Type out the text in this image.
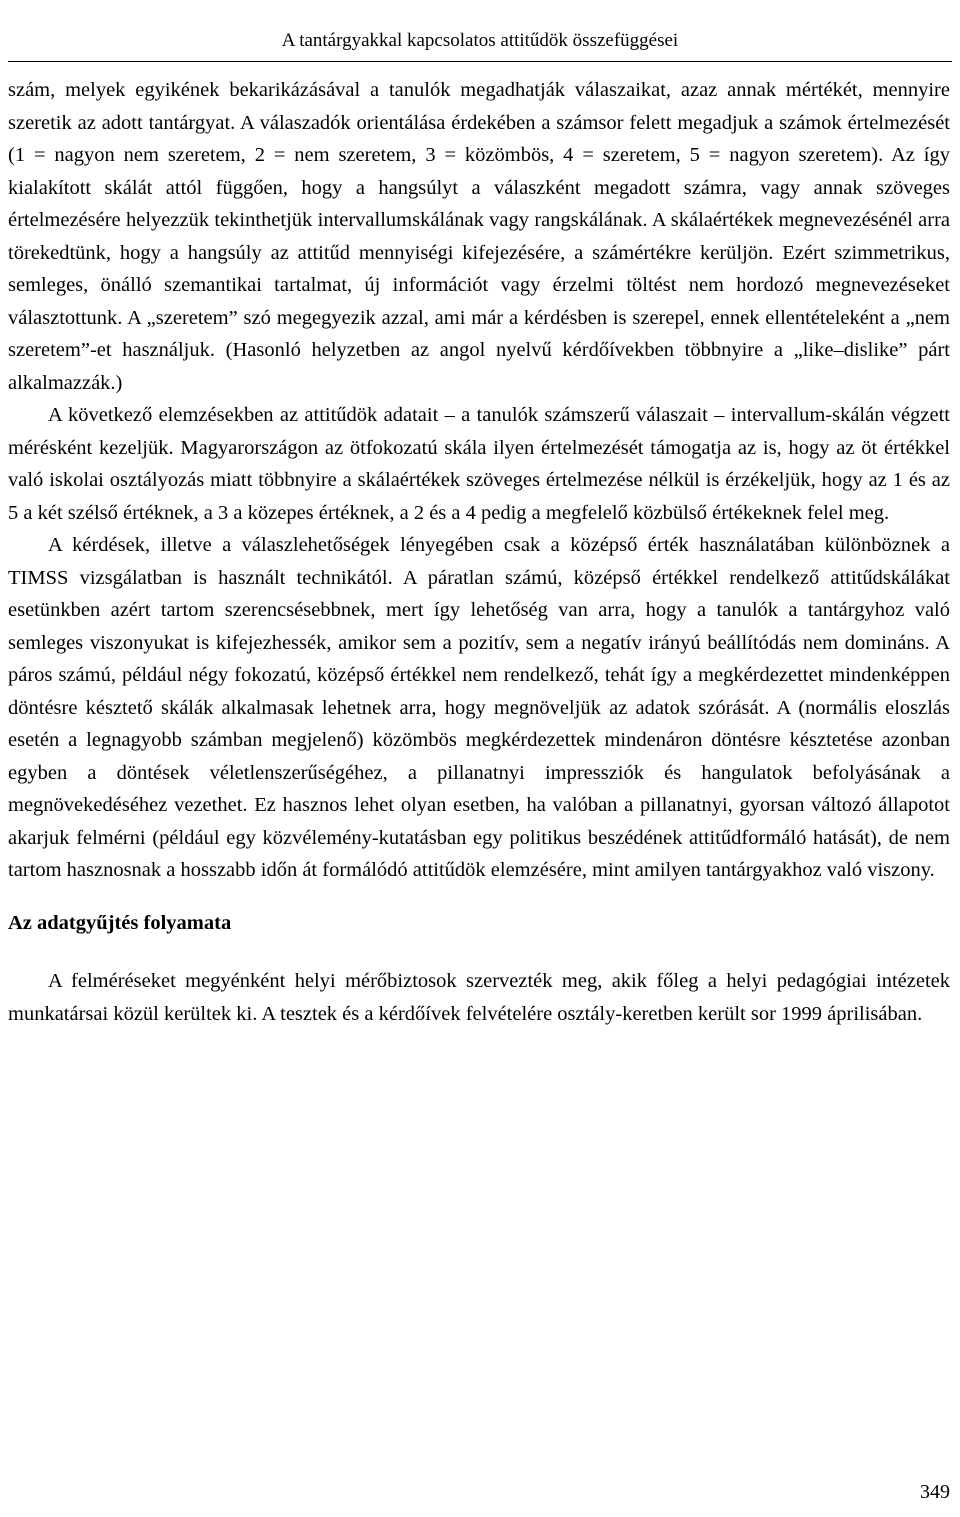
A tantárgyakkal kapcsolatos attitűdök összefüggései

szám, melyek egyikének bekarikázásával a tanulók megadhatják válaszaikat, azaz annak mértékét, mennyire szeretik az adott tantárgyat. A válaszadók orientálása érdekében a számsor felett megadjuk a számok értelmezését (1 = nagyon nem szeretem, 2 = nem szeretem, 3 = közömbös, 4 = szeretem, 5 = nagyon szeretem). Az így kialakított skálát attól függően, hogy a hangsúlyt a válaszként megadott számra, vagy annak szöveges értelmezésére helyezzük tekinthetjük intervallumskálának vagy rangskálának. A skálaértékek megnevezésénél arra törekedtünk, hogy a hangsúly az attitűd mennyiségi kifejezésére, a számértékre kerüljön. Ezért szimmetrikus, semleges, önálló szemantikai tartalmat, új információt vagy érzelmi töltést nem hordozó megnevezéseket választottunk. A „szeretem” szó megegyezik azzal, ami már a kérdésben is szerepel, ennek ellentételeként a „nem szeretem”-et használjuk. (Hasonló helyzetben az angol nyelvű kérdőívekben többnyire a „like–dislike” párt alkalmazzák.)

A következő elemzésekben az attitűdök adatait – a tanulók számszerű válaszait – intervallum-skálán végzett mérésként kezeljük. Magyarországon az ötfokozatú skála ilyen értelmezését támogatja az is, hogy az öt értékkel való iskolai osztályozás miatt többnyire a skálaértékek szöveges értelmezése nélkül is érzékeljük, hogy az 1 és az 5 a két szélső értéknek, a 3 a közepes értéknek, a 2 és a 4 pedig a megfelelő közbülső értékeknek felel meg.

A kérdések, illetve a válaszlehetőségek lényegében csak a középső érték használatában különböznek a TIMSS vizsgálatban is használt technikától. A páratlan számú, középső értékkel rendelkező attitűdskálákat esetünkben azért tartom szerencsésebbnek, mert így lehetőség van arra, hogy a tanulók a tantárgyhoz való semleges viszonyukat is kifejezhessék, amikor sem a pozitív, sem a negatív irányú beállítódás nem domináns. A páros számú, például négy fokozatú, középső értékkel nem rendelkező, tehát így a megkérdezettet mindenképpen döntésre késztető skálák alkalmasak lehetnek arra, hogy megnöveljük az adatok szórását. A (normális eloszlás esetén a legnagyobb számban megjelenő) közömbös megkérdezettek mindenáron döntésre késztetése azonban egyben a döntések véletlenszerűségéhez, a pillanatnyi impressziók és hangulatok befolyásának a megnövekedéséhez vezethet. Ez hasznos lehet olyan esetben, ha valóban a pillanatnyi, gyorsan változó állapotot akarjuk felmérni (például egy közvélemény-kutatásban egy politikus beszédének attitűdformáló hatását), de nem tartom hasznosnak a hosszabb időn át formálódó attitűdök elemzésére, mint amilyen tantárgyakhoz való viszony.

Az adatgyűjtés folyamata

A felméréseket megyénként helyi mérőbiztosok szervezték meg, akik főleg a helyi pedagógiai intézetek munkatársai közül kerültek ki. A tesztek és a kérdőívek felvételére osztály-keretben került sor 1999 áprilisában.

349
